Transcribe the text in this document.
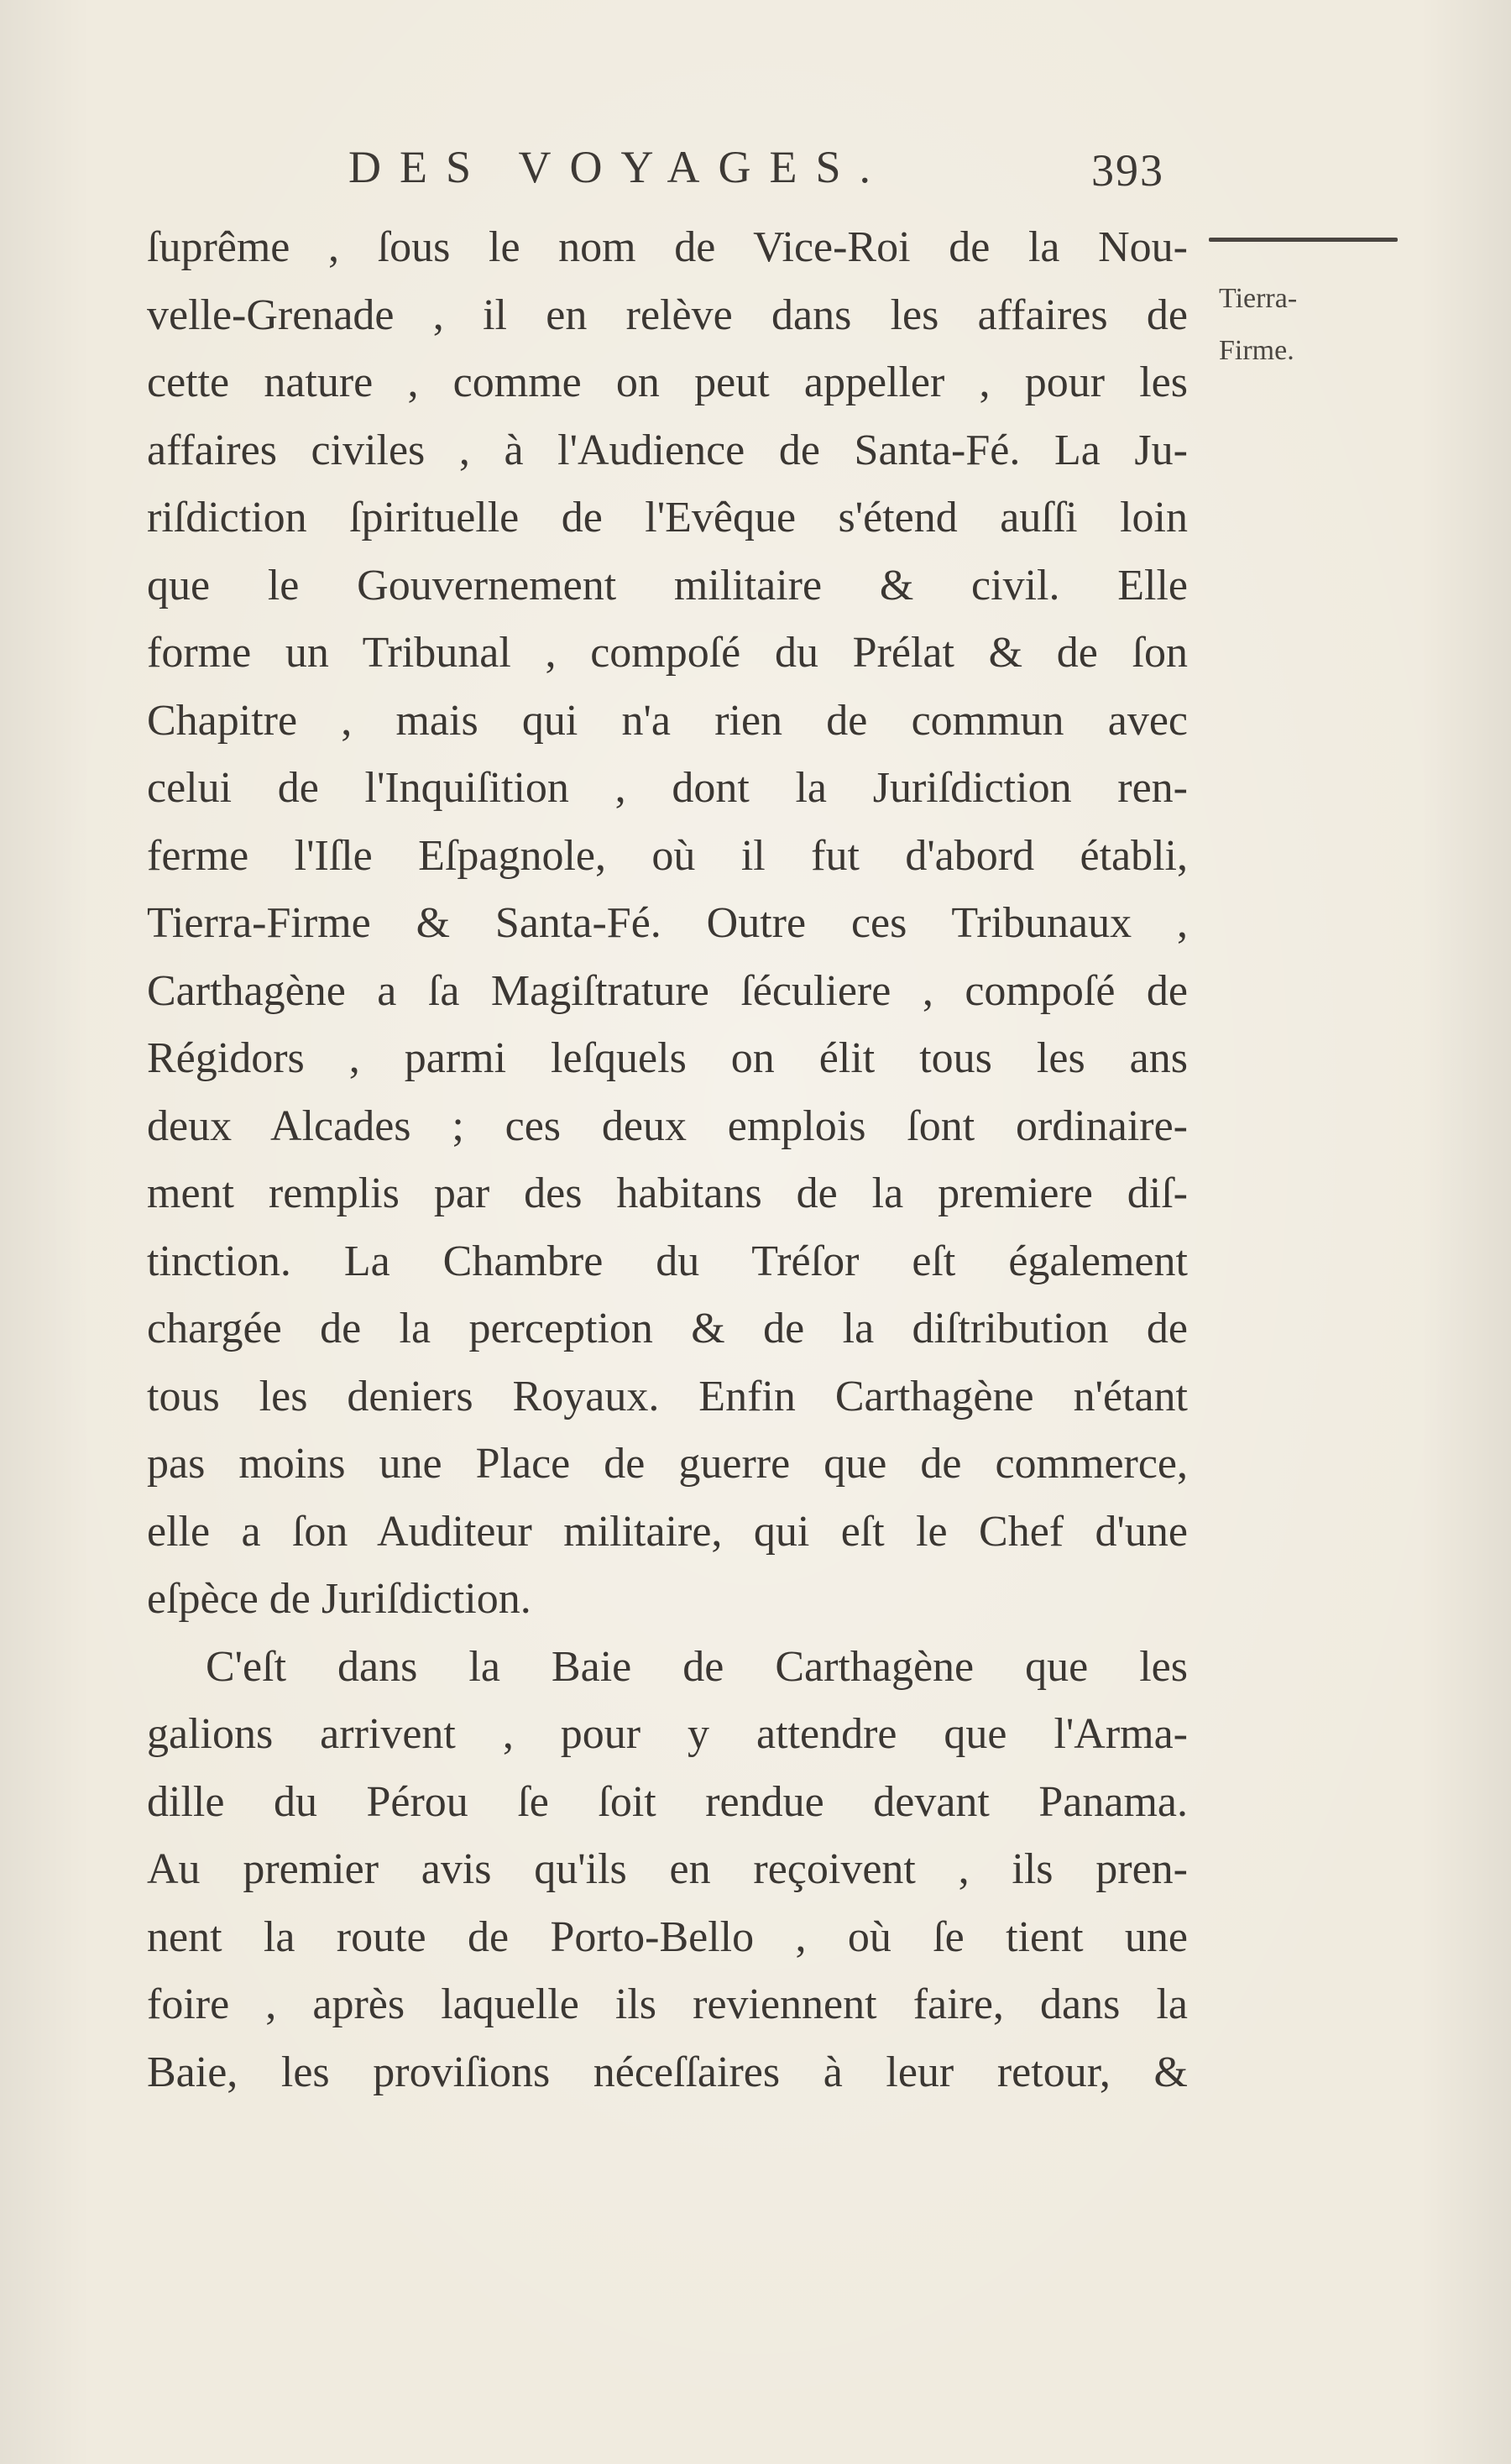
DES VOYAGES.	393
Tierra-
Firme.
ſuprême , ſous le nom de Vice-Roi de la Nou-
velle-Grenade , il en relève dans les affaires de
cette nature , comme on peut appeller , pour les
affaires civiles , à l'Audience de Santa-Fé. La Ju-
riſdiction ſpirituelle de l'Evêque s'étend auſſi loin
que le Gouvernement militaire & civil. Elle
forme un Tribunal , compoſé du Prélat & de ſon
Chapitre , mais qui n'a rien de commun avec
celui de l'Inquiſition , dont la Juriſdiction ren-
ferme l'Iſle Eſpagnole, où il fut d'abord établi,
Tierra-Firme & Santa-Fé. Outre ces Tribunaux ,
Carthagène a ſa Magiſtrature ſéculiere , compoſé de
Régidors , parmi leſquels on élit tous les ans
deux Alcades ; ces deux emplois ſont ordinaire-
ment remplis par des habitans de la premiere diſ-
tinction. La Chambre du Tréſor eſt également
chargée de la perception & de la diſtribution de
tous les deniers Royaux. Enfin Carthagène n'étant
pas moins une Place de guerre que de commerce,
elle a ſon Auditeur militaire, qui eſt le Chef d'une
eſpèce de Juriſdiction.
C'eſt dans la Baie de Carthagène que les
galions arrivent , pour y attendre que l'Arma-
dille du Pérou ſe ſoit rendue devant Panama.
Au premier avis qu'ils en reçoivent , ils pren-
nent la route de Porto-Bello , où ſe tient une
foire , après laquelle ils reviennent faire, dans la
Baie, les proviſions néceſſaires à leur retour, &
